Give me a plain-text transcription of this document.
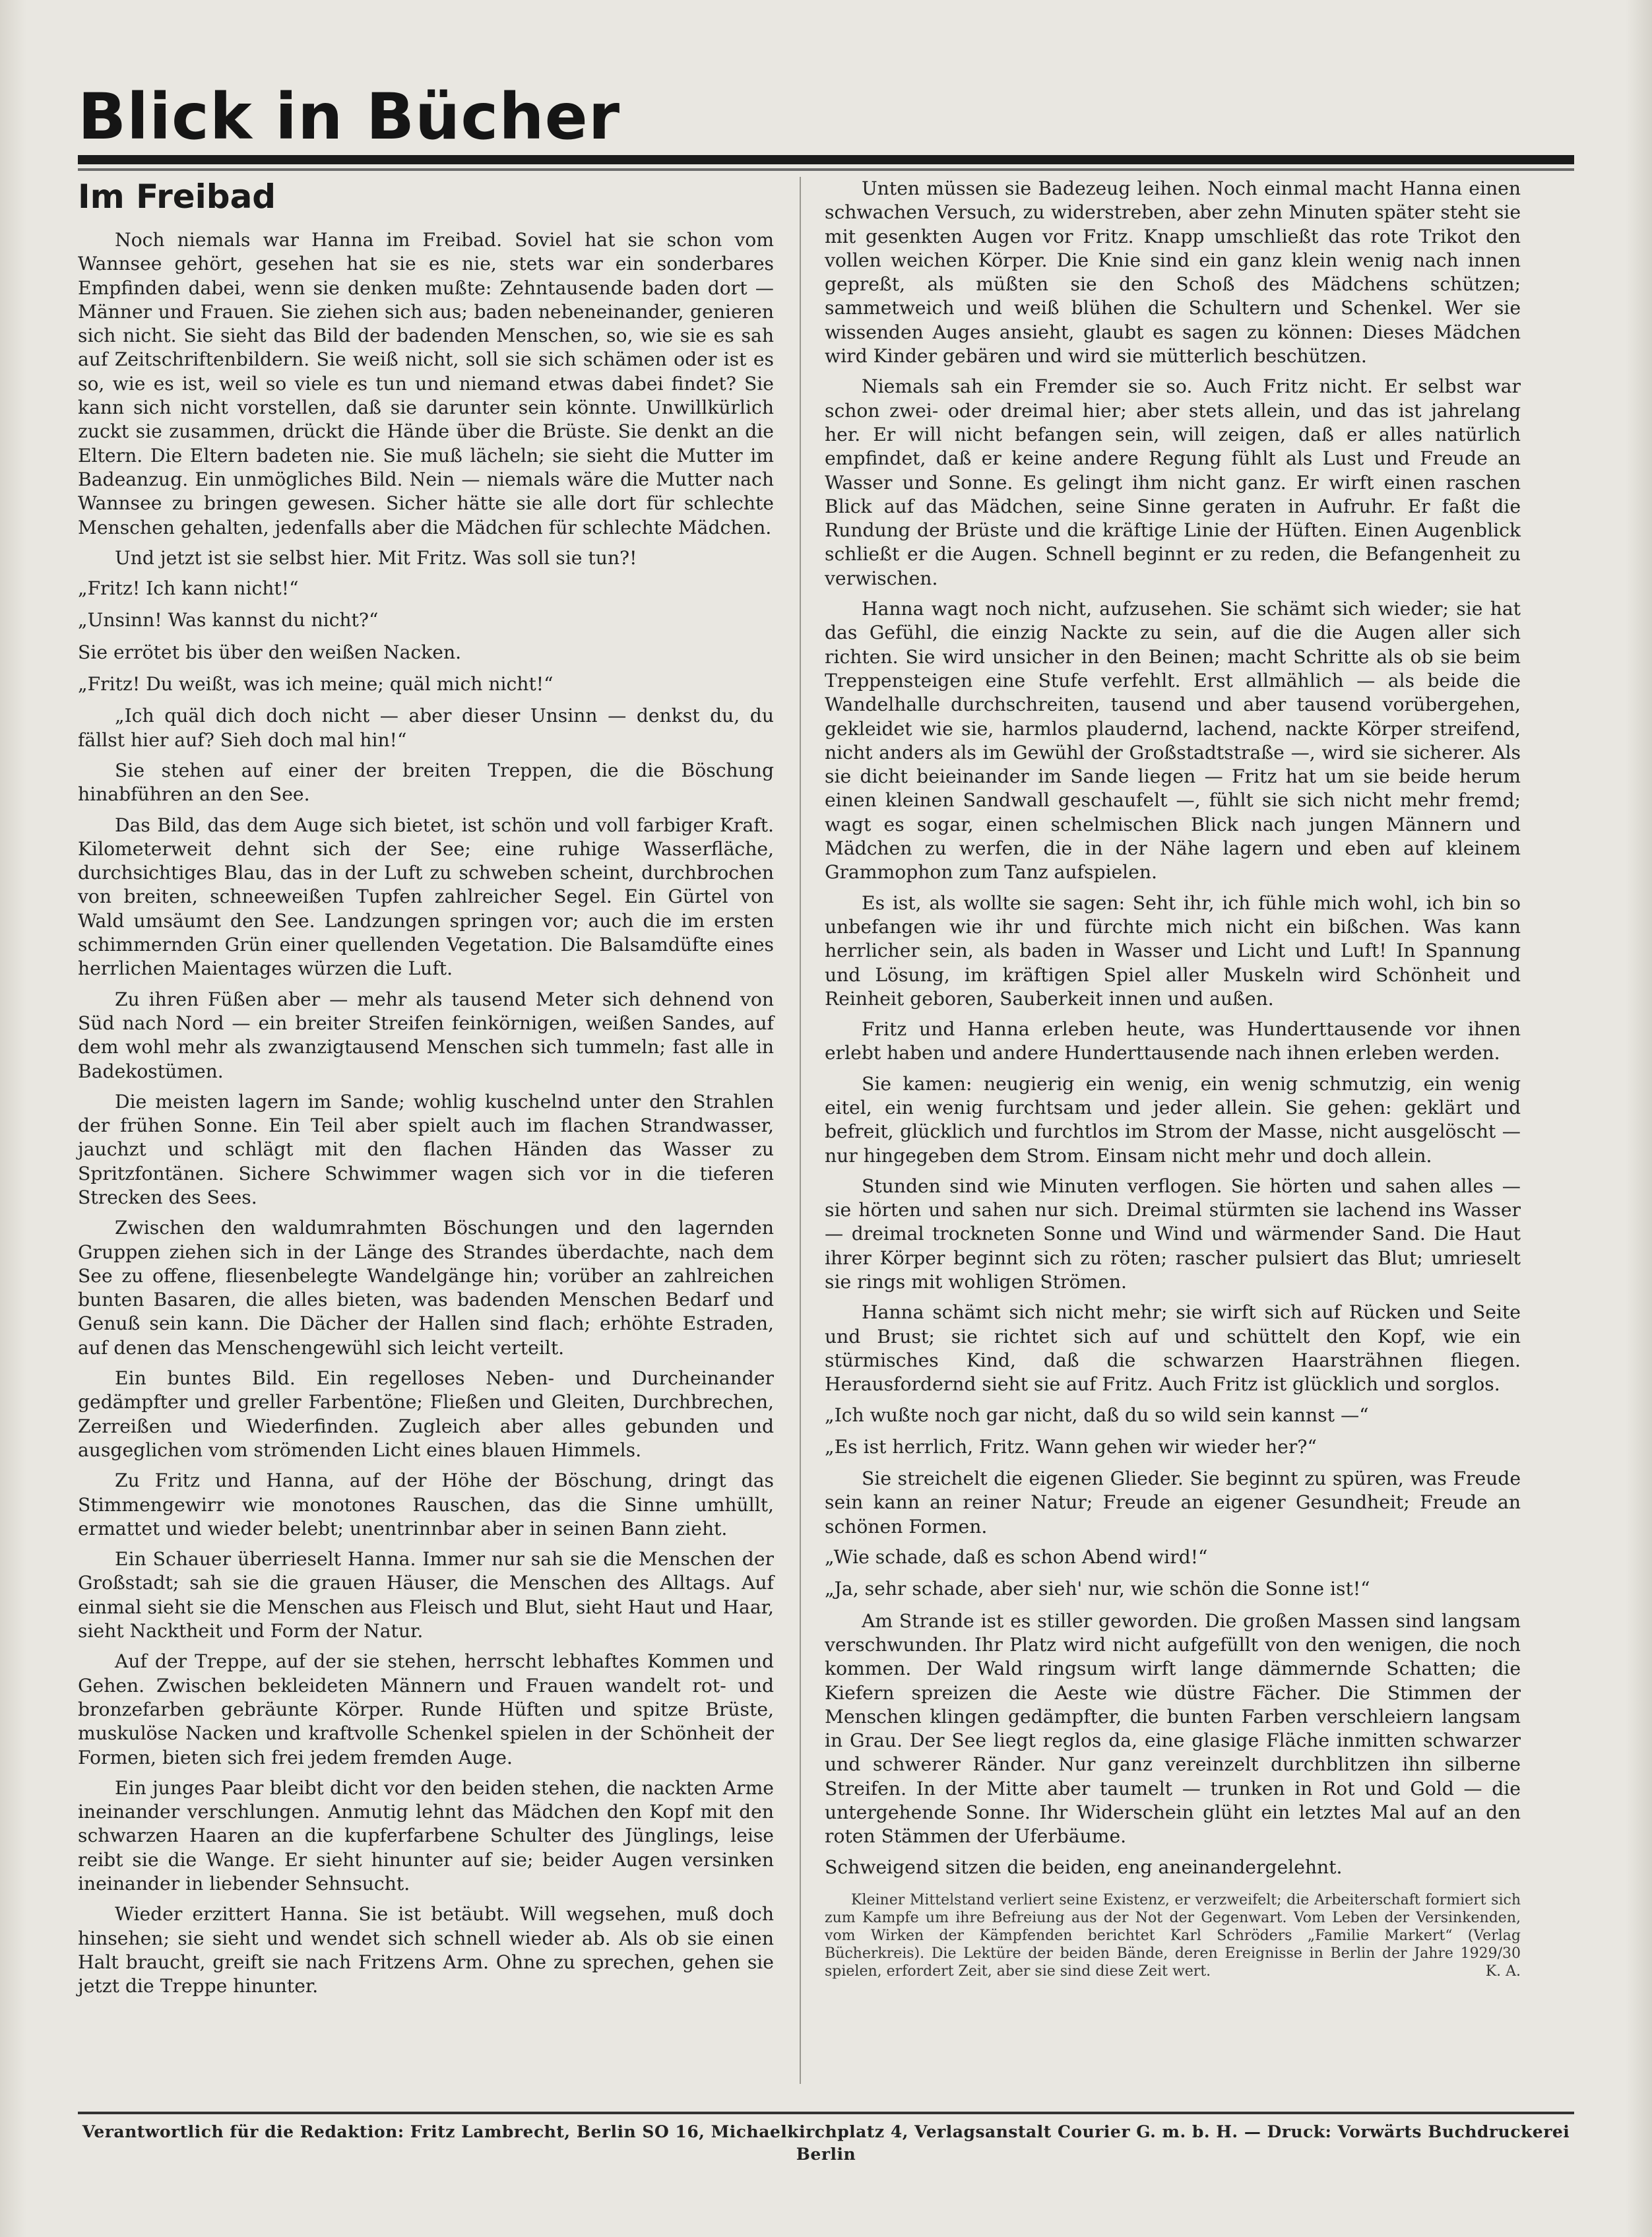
Blick in Bücher
Im Freibad

Noch niemals war Hanna im Freibad. Soviel hat sie schon vom Wannsee gehört, gesehen hat sie es nie, stets war ein sonderbares Empfinden dabei, wenn sie denken mußte: Zehntausende baden dort — Männer und Frauen. Sie ziehen sich aus; baden nebeneinander, genieren sich nicht. Sie sieht das Bild der badenden Menschen, so, wie sie es sah auf Zeitschriftenbildern. Sie weiß nicht, soll sie sich schämen oder ist es so, wie es ist, weil so viele es tun und niemand etwas dabei findet? Sie kann sich nicht vorstellen, daß sie darunter sein könnte. Unwillkürlich zuckt sie zusammen, drückt die Hände über die Brüste. Sie denkt an die Eltern. Die Eltern badeten nie. Sie muß lächeln; sie sieht die Mutter im Badeanzug. Ein unmögliches Bild. Nein — niemals wäre die Mutter nach Wannsee zu bringen gewesen. Sicher hätte sie alle dort für schlechte Menschen gehalten, jedenfalls aber die Mädchen für schlechte Mädchen.

Und jetzt ist sie selbst hier. Mit Fritz. Was soll sie tun?!

„Fritz! Ich kann nicht!“

„Unsinn! Was kannst du nicht?“

Sie errötet bis über den weißen Nacken.

„Fritz! Du weißt, was ich meine; quäl mich nicht!“

„Ich quäl dich doch nicht — aber dieser Unsinn — denkst du, du fällst hier auf? Sieh doch mal hin!“

Sie stehen auf einer der breiten Treppen, die die Böschung hinabführen an den See.

Das Bild, das dem Auge sich bietet, ist schön und voll farbiger Kraft. Kilometerweit dehnt sich der See; eine ruhige Wasserfläche, durchsichtiges Blau, das in der Luft zu schweben scheint, durchbrochen von breiten, schneeweißen Tupfen zahlreicher Segel. Ein Gürtel von Wald umsäumt den See. Landzungen springen vor; auch die im ersten schimmernden Grün einer quellenden Vegetation. Die Balsamdüfte eines herrlichen Maientages würzen die Luft.

Zu ihren Füßen aber — mehr als tausend Meter sich dehnend von Süd nach Nord — ein breiter Streifen feinkörnigen, weißen Sandes, auf dem wohl mehr als zwanzigtausend Menschen sich tummeln; fast alle in Badekostümen.

Die meisten lagern im Sande; wohlig kuschelnd unter den Strahlen der frühen Sonne. Ein Teil aber spielt auch im flachen Strandwasser, jauchzt und schlägt mit den flachen Händen das Wasser zu Spritzfontänen. Sichere Schwimmer wagen sich vor in die tieferen Strecken des Sees.

Zwischen den waldumrahmten Böschungen und den lagernden Gruppen ziehen sich in der Länge des Strandes überdachte, nach dem See zu offene, fliesenbelegte Wandelgänge hin; vorüber an zahlreichen bunten Basaren, die alles bieten, was badenden Menschen Bedarf und Genuß sein kann. Die Dächer der Hallen sind flach; erhöhte Estraden, auf denen das Menschengewühl sich leicht verteilt.

Ein buntes Bild. Ein regelloses Neben- und Durcheinander gedämpfter und greller Farbentöne; Fließen und Gleiten, Durchbrechen, Zerreißen und Wiederfinden. Zugleich aber alles gebunden und ausgeglichen vom strömenden Licht eines blauen Himmels.

Zu Fritz und Hanna, auf der Höhe der Böschung, dringt das Stimmengewirr wie monotones Rauschen, das die Sinne umhüllt, ermattet und wieder belebt; unentrinnbar aber in seinen Bann zieht.

Ein Schauer überrieselt Hanna. Immer nur sah sie die Menschen der Großstadt; sah sie die grauen Häuser, die Menschen des Alltags. Auf einmal sieht sie die Menschen aus Fleisch und Blut, sieht Haut und Haar, sieht Nacktheit und Form der Natur.

Auf der Treppe, auf der sie stehen, herrscht lebhaftes Kommen und Gehen. Zwischen bekleideten Männern und Frauen wandelt rot- und bronzefarben gebräunte Körper. Runde Hüften und spitze Brüste, muskulöse Nacken und kraftvolle Schenkel spielen in der Schönheit der Formen, bieten sich frei jedem fremden Auge.

Ein junges Paar bleibt dicht vor den beiden stehen, die nackten Arme ineinander verschlungen. Anmutig lehnt das Mädchen den Kopf mit den schwarzen Haaren an die kupferfarbene Schulter des Jünglings, leise reibt sie die Wange. Er sieht hinunter auf sie; beider Augen versinken ineinander in liebender Sehnsucht.

Wieder erzittert Hanna. Sie ist betäubt. Will wegsehen, muß doch hinsehen; sie sieht und wendet sich schnell wieder ab. Als ob sie einen Halt braucht, greift sie nach Fritzens Arm. Ohne zu sprechen, gehen sie jetzt die Treppe hinunter.

Unten müssen sie Badezeug leihen. Noch einmal macht Hanna einen schwachen Versuch, zu widerstreben, aber zehn Minuten später steht sie mit gesenkten Augen vor Fritz. Knapp umschließt das rote Trikot den vollen weichen Körper. Die Knie sind ein ganz klein wenig nach innen gepreßt, als müßten sie den Schoß des Mädchens schützen; sammetweich und weiß blühen die Schultern und Schenkel. Wer sie wissenden Auges ansieht, glaubt es sagen zu können: Dieses Mädchen wird Kinder gebären und wird sie mütterlich beschützen.

Niemals sah ein Fremder sie so. Auch Fritz nicht. Er selbst war schon zwei- oder dreimal hier; aber stets allein, und das ist jahrelang her. Er will nicht befangen sein, will zeigen, daß er alles natürlich empfindet, daß er keine andere Regung fühlt als Lust und Freude an Wasser und Sonne. Es gelingt ihm nicht ganz. Er wirft einen raschen Blick auf das Mädchen, seine Sinne geraten in Aufruhr. Er faßt die Rundung der Brüste und die kräftige Linie der Hüften. Einen Augenblick schließt er die Augen. Schnell beginnt er zu reden, die Befangenheit zu verwischen.

Hanna wagt noch nicht, aufzusehen. Sie schämt sich wieder; sie hat das Gefühl, die einzig Nackte zu sein, auf die die Augen aller sich richten. Sie wird unsicher in den Beinen; macht Schritte als ob sie beim Treppensteigen eine Stufe verfehlt. Erst allmählich — als beide die Wandelhalle durchschreiten, tausend und aber tausend vorübergehen, gekleidet wie sie, harmlos plaudernd, lachend, nackte Körper streifend, nicht anders als im Gewühl der Großstadtstraße —, wird sie sicherer. Als sie dicht beieinander im Sande liegen — Fritz hat um sie beide herum einen kleinen Sandwall geschaufelt —, fühlt sie sich nicht mehr fremd; wagt es sogar, einen schelmischen Blick nach jungen Männern und Mädchen zu werfen, die in der Nähe lagern und eben auf kleinem Grammophon zum Tanz aufspielen.

Es ist, als wollte sie sagen: Seht ihr, ich fühle mich wohl, ich bin so unbefangen wie ihr und fürchte mich nicht ein bißchen. Was kann herrlicher sein, als baden in Wasser und Licht und Luft! In Spannung und Lösung, im kräftigen Spiel aller Muskeln wird Schönheit und Reinheit geboren, Sauberkeit innen und außen.

Fritz und Hanna erleben heute, was Hunderttausende vor ihnen erlebt haben und andere Hunderttausende nach ihnen erleben werden.

Sie kamen: neugierig ein wenig, ein wenig schmutzig, ein wenig eitel, ein wenig furchtsam und jeder allein. Sie gehen: geklärt und befreit, glücklich und furchtlos im Strom der Masse, nicht ausgelöscht — nur hingegeben dem Strom. Einsam nicht mehr und doch allein.

Stunden sind wie Minuten verflogen. Sie hörten und sahen alles — sie hörten und sahen nur sich. Dreimal stürmten sie lachend ins Wasser — dreimal trockneten Sonne und Wind und wärmender Sand. Die Haut ihrer Körper beginnt sich zu röten; rascher pulsiert das Blut; umrieselt sie rings mit wohligen Strömen.

Hanna schämt sich nicht mehr; sie wirft sich auf Rücken und Seite und Brust; sie richtet sich auf und schüttelt den Kopf, wie ein stürmisches Kind, daß die schwarzen Haarsträhnen fliegen. Herausfordernd sieht sie auf Fritz. Auch Fritz ist glücklich und sorglos.

„Ich wußte noch gar nicht, daß du so wild sein kannst —“

„Es ist herrlich, Fritz. Wann gehen wir wieder her?“

Sie streichelt die eigenen Glieder. Sie beginnt zu spüren, was Freude sein kann an reiner Natur; Freude an eigener Gesundheit; Freude an schönen Formen.

„Wie schade, daß es schon Abend wird!“

„Ja, sehr schade, aber sieh' nur, wie schön die Sonne ist!“

Am Strande ist es stiller geworden. Die großen Massen sind langsam verschwunden. Ihr Platz wird nicht aufgefüllt von den wenigen, die noch kommen. Der Wald ringsum wirft lange dämmernde Schatten; die Kiefern spreizen die Aeste wie düstre Fächer. Die Stimmen der Menschen klingen gedämpfter, die bunten Farben verschleiern langsam in Grau. Der See liegt reglos da, eine glasige Fläche inmitten schwarzer und schwerer Ränder. Nur ganz vereinzelt durchblitzen ihn silberne Streifen. In der Mitte aber taumelt — trunken in Rot und Gold — die untergehende Sonne. Ihr Widerschein glüht ein letztes Mal auf an den roten Stämmen der Uferbäume.

Schweigend sitzen die beiden, eng aneinandergelehnt.

Kleiner Mittelstand verliert seine Existenz, er verzweifelt; die Arbeiterschaft formiert sich zum Kampfe um ihre Befreiung aus der Not der Gegenwart. Vom Leben der Versinkenden, vom Wirken der Kämpfenden berichtet Karl Schröders „Familie Markert“ (Verlag Bücherkreis). Die Lektüre der beiden Bände, deren Ereignisse in Berlin der Jahre 1929/30 spielen, erfordert Zeit, aber sie sind diese Zeit wert.	K. A.
Verantwortlich für die Redaktion: Fritz Lambrecht, Berlin SO 16, Michaelkirchplatz 4, Verlagsanstalt Courier G. m. b. H. — Druck: Vorwärts Buchdruckerei Berlin
